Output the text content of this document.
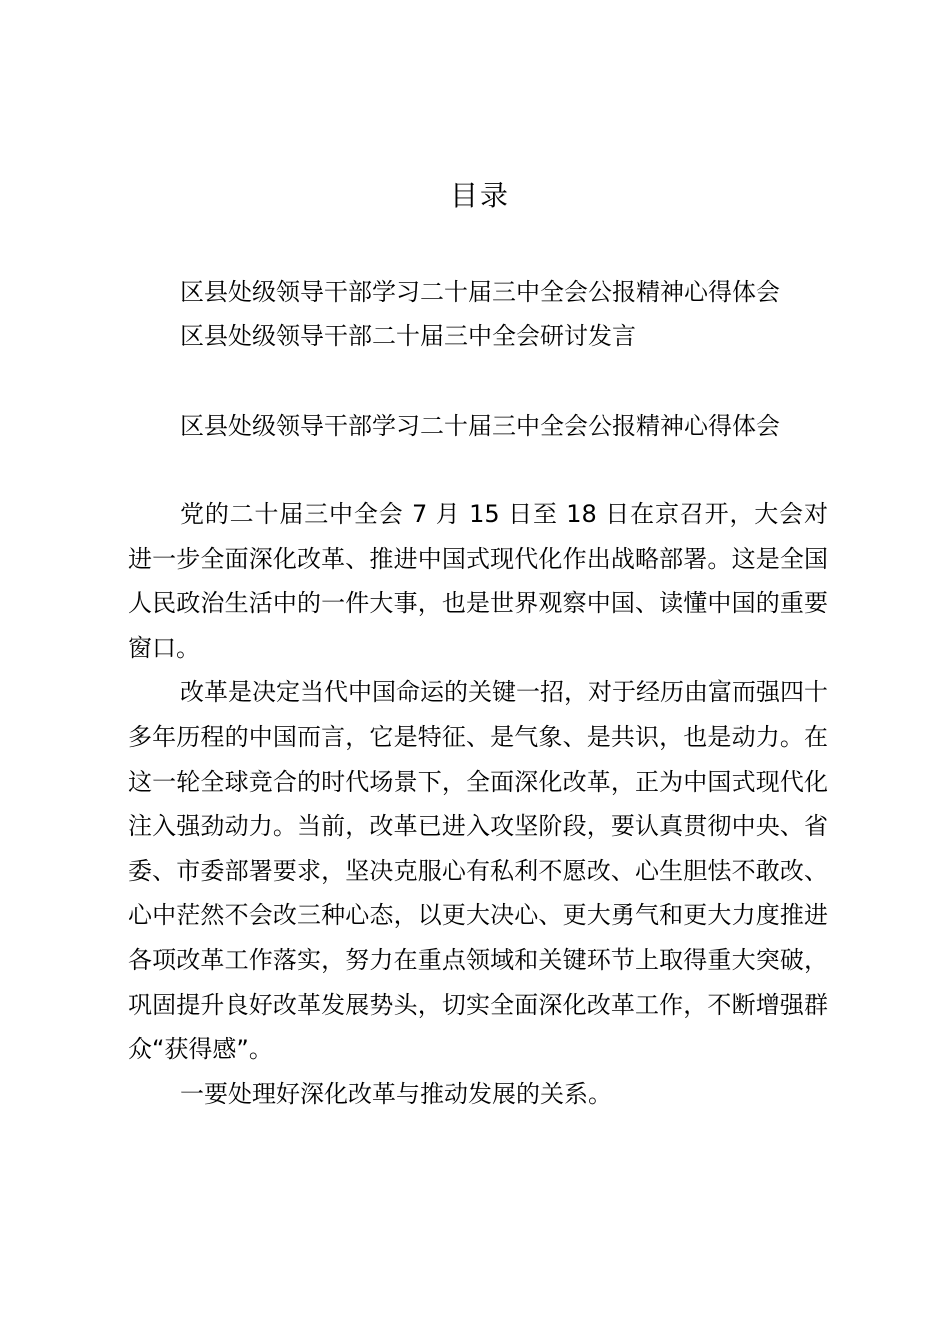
目录
区县处级领导干部学习二十届三中全会公报精神心得体会
区县处级领导干部二十届三中全会研讨发言
区县处级领导干部学习二十届三中全会公报精神心得体会

党的二十届三中全会 7 月 15 日至 18 日在京召开，大会对进一步全面深化改革、推进中国式现代化作出战略部署。这是全国人民政治生活中的一件大事，也是世界观察中国、读懂中国的重要窗口。

改革是决定当代中国命运的关键一招，对于经历由富而强四十多年历程的中国而言，它是特征、是气象、是共识，也是动力。在这一轮全球竞合的时代场景下，全面深化改革，正为中国式现代化注入强劲动力。当前，改革已进入攻坚阶段，要认真贯彻中央、省委、市委部署要求，坚决克服心有私利不愿改、心生胆怯不敢改、心中茫然不会改三种心态，以更大决心、更大勇气和更大力度推进各项改革工作落实，努力在重点领域和关键环节上取得重大突破，巩固提升良好改革发展势头，切实全面深化改革工作，不断增强群众“获得感”。

一要处理好深化改革与推动发展的关系。
